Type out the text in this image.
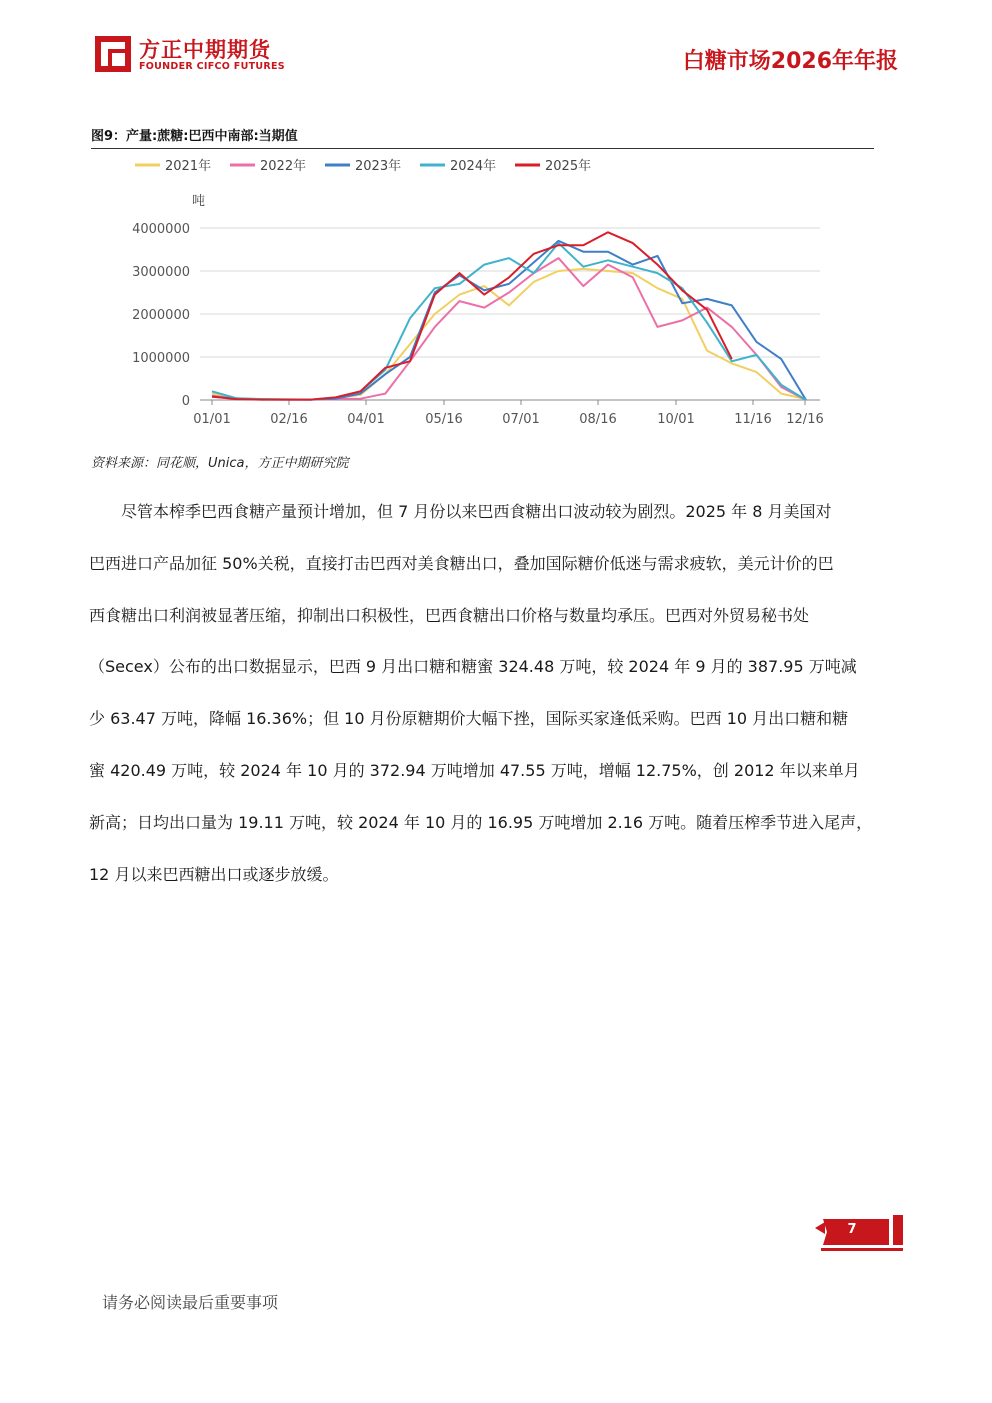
方正中期期货
FOUNDER CIFCO FUTURES	白糖市场2026年年报
图9：产量:蔗糖:巴西中南部:当期值
2021年	2022年	2023年	2024年	2025年
吨
4000000
3000000
2000000
1000000
0
01/01	02/16	04/01	05/16	07/01	08/16	10/01	11/16 12/16
资料来源：同花顺，Unica，方正中期研究院
尽管本榨季巴西食糖产量预计增加，但 7 月份以来巴西食糖出口波动较为剧烈。2025 年 8 月美国对
巴西进口产品加征 50%关税，直接打击巴西对美食糖出口，叠加国际糖价低迷与需求疲软，美元计价的巴
西食糖出口利润被显著压缩，抑制出口积极性，巴西食糖出口价格与数量均承压。巴西对外贸易秘书处
（Secex）公布的出口数据显示，巴西 9 月出口糖和糖蜜 324.48 万吨，较 2024 年 9 月的 387.95 万吨减
少 63.47 万吨，降幅 16.36%；但 10 月份原糖期价大幅下挫，国际买家逢低采购。巴西 10 月出口糖和糖
蜜 420.49 万吨，较 2024 年 10 月的 372.94 万吨增加 47.55 万吨，增幅 12.75%，创 2012 年以来单月
新高；日均出口量为 19.11 万吨，较 2024 年 10 月的 16.95 万吨增加 2.16 万吨。随着压榨季节进入尾声，
12 月以来巴西糖出口或逐步放缓。
7
请务必阅读最后重要事项
